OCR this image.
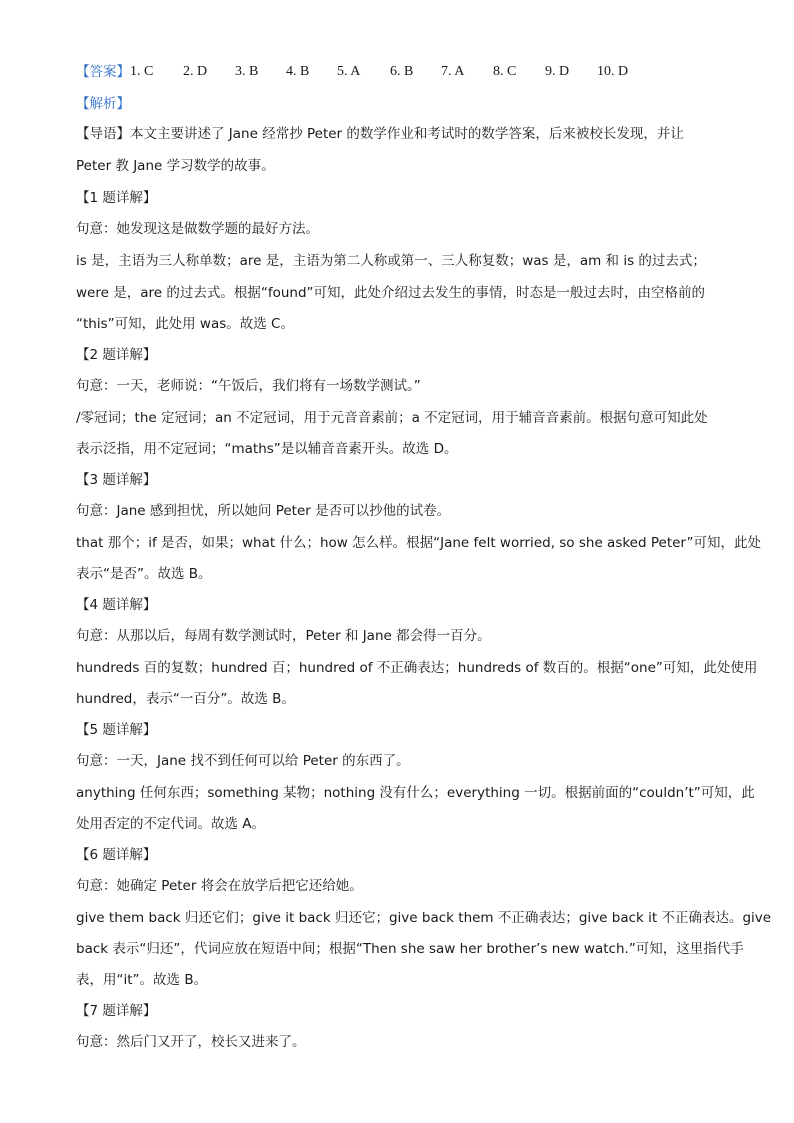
【答案】 1. C 2. D 3. B 4. B 5. A 6. B 7. A 8. C 9. D 10. D
【解析】
【导语】本文主要讲述了 Jane 经常抄 Peter 的数学作业和考试时的数学答案，后来被校长发现，并让
Peter 教 Jane 学习数学的故事。
【1 题详解】
句意：她发现这是做数学题的最好方法。
is 是，主语为三人称单数；are 是，主语为第二人称或第一、三人称复数；was 是，am 和 is 的过去式；
were 是，are 的过去式。根据“found”可知，此处介绍过去发生的事情，时态是一般过去时，由空格前的
“this”可知，此处用 was。故选 C。
【2 题详解】
句意：一天，老师说：“午饭后，我们将有一场数学测试。”
/零冠词；the 定冠词；an 不定冠词，用于元音音素前；a 不定冠词，用于辅音音素前。根据句意可知此处
表示泛指，用不定冠词；“maths”是以辅音音素开头。故选 D。
【3 题详解】
句意：Jane 感到担忧，所以她问 Peter 是否可以抄他的试卷。
that 那个；if 是否，如果；what 什么；how 怎么样。根据“Jane felt worried, so she asked Peter”可知，此处
表示“是否”。故选 B。
【4 题详解】
句意：从那以后，每周有数学测试时，Peter 和 Jane 都会得一百分。
hundreds 百的复数；hundred 百；hundred of 不正确表达；hundreds of 数百的。根据“one”可知，此处使用
hundred，表示“一百分”。故选 B。
【5 题详解】
句意：一天，Jane 找不到任何可以给 Peter 的东西了。
anything 任何东西；something 某物；nothing 没有什么；everything 一切。根据前面的“couldn’t”可知，此
处用否定的不定代词。故选 A。
【6 题详解】
句意：她确定 Peter 将会在放学后把它还给她。
give them back 归还它们；give it back 归还它；give back them 不正确表达；give back it 不正确表达。give
back 表示“归还”，代词应放在短语中间；根据“Then she saw her brother’s new watch.”可知，这里指代手
表，用“it”。故选 B。
【7 题详解】
句意：然后门又开了，校长又进来了。
